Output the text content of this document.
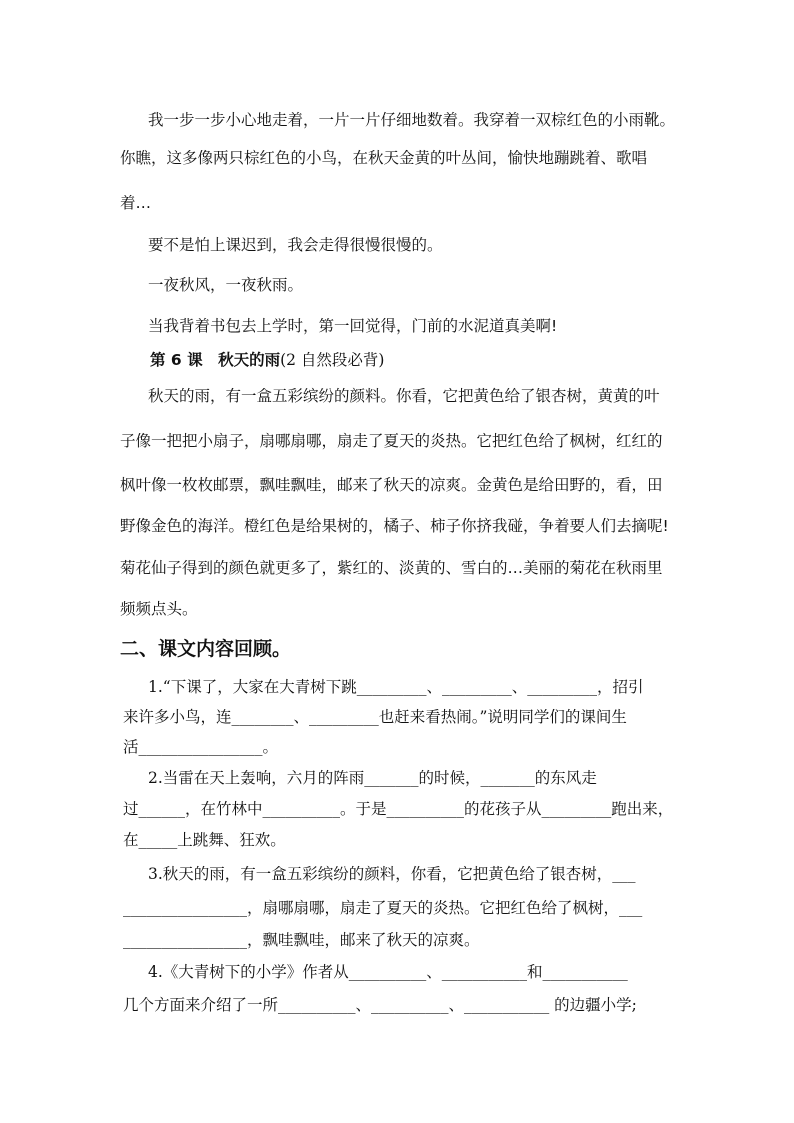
我一步一步小心地走着，一片一片仔细地数着。我穿着一双棕红色的小雨靴。
你瞧，这多像两只棕红色的小鸟，在秋天金黄的叶丛间，愉快地蹦跳着、歌唱
着…
要不是怕上课迟到，我会走得很慢很慢的。
一夜秋风，一夜秋雨。
当我背着书包去上学时，第一回觉得，门前的水泥道真美啊!
第 6 课　秋天的雨(2 自然段必背)
秋天的雨，有一盒五彩缤纷的颜料。你看，它把黄色给了银杏树，黄黄的叶
子像一把把小扇子，扇哪扇哪，扇走了夏天的炎热。它把红色给了枫树，红红的
枫叶像一枚枚邮票，飘哇飘哇，邮来了秋天的凉爽。金黄色是给田野的，看，田
野像金色的海洋。橙红色是给果树的，橘子、柿子你挤我碰，争着要人们去摘呢!
菊花仙子得到的颜色就更多了，紫红的、淡黄的、雪白的…美丽的菊花在秋雨里
频频点头。
二、课文内容回顾。
1.“下课了，大家在大青树下跳_________、_________、_________，招引
来许多小鸟，连________、_________也赶来看热闹。”说明同学们的课间生
活________________。
2.当雷在天上轰响，六月的阵雨_______的时候，_______的东风走
过______，在竹林中__________。于是__________的花孩子从_________跑出来，
在_____上跳舞、狂欢。
3.秋天的雨，有一盒五彩缤纷的颜料，你看，它把黄色给了银杏树，___
________________，扇哪扇哪，扇走了夏天的炎热。它把红色给了枫树，___
________________，飘哇飘哇，邮来了秋天的凉爽。
4.《大青树下的小学》作者从__________、___________和___________
几个方面来介绍了一所__________、__________、___________ 的边疆小学;
